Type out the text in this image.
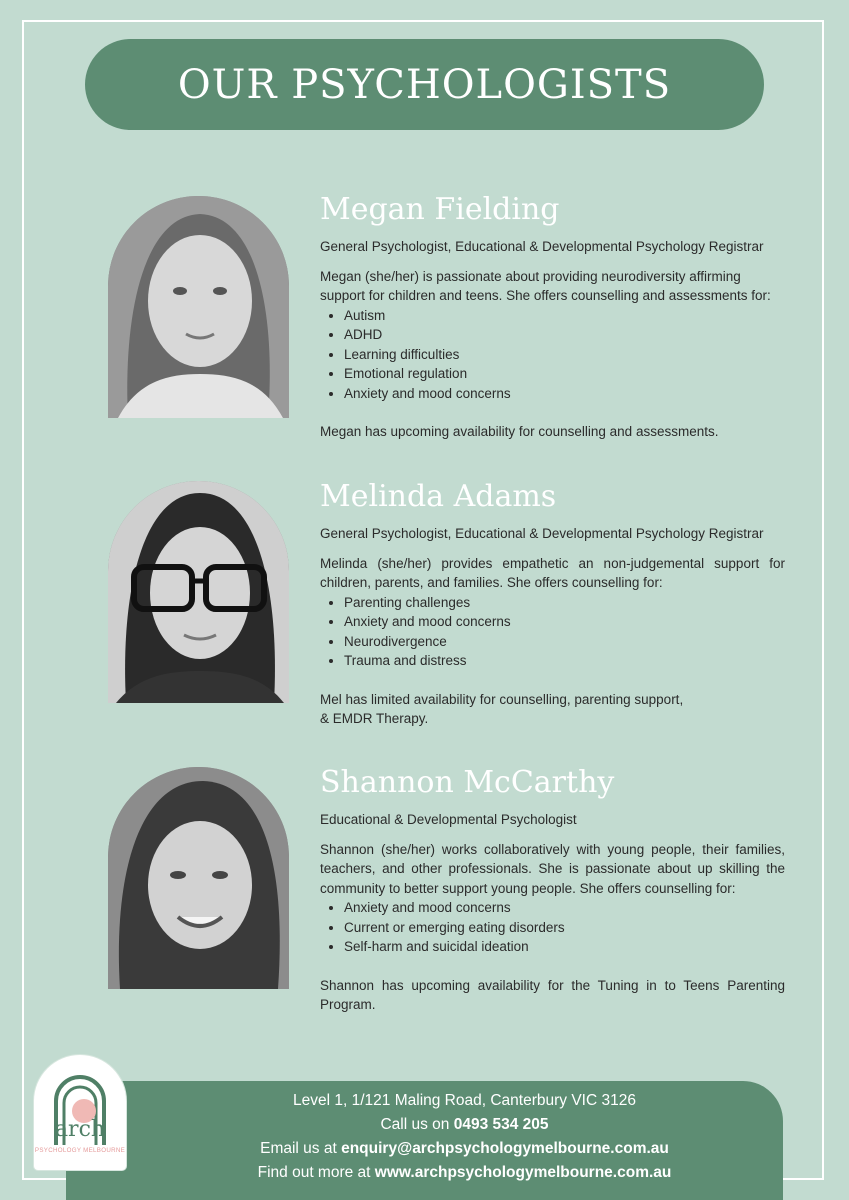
OUR PSYCHOLOGISTS
Megan Fielding

General Psychologist, Educational & Developmental Psychology Registrar

Megan (she/her) is passionate about providing neurodiversity affirming support for children and teens. She offers counselling and assessments for:

• Autism
• ADHD
• Learning difficulties
• Emotional regulation
• Anxiety and mood concerns

Megan has upcoming availability for counselling and assessments.

Melinda Adams

General Psychologist, Educational & Developmental Psychology Registrar

Melinda (she/her) provides empathetic an non-judgemental support for children, parents, and families. She offers counselling for:

• Parenting challenges
• Anxiety and mood concerns
• Neurodivergence
• Trauma and distress

Mel has limited availability for counselling, parenting support,
& EMDR Therapy.

Shannon McCarthy

Educational & Developmental Psychologist

Shannon (she/her) works collaboratively with young people, their families, teachers, and other professionals. She is passionate about up skilling the community to better support young people. She offers counselling for:

• Anxiety and mood concerns
• Current or emerging eating disorders
• Self-harm and suicidal ideation

Shannon has upcoming availability for the Tuning in to Teens Parenting Program.

Level 1, 1/121 Maling Road, Canterbury VIC 3126
Call us on 0493 534 205
Email us at enquiry@archpsychologymelbourne.com.au
Find out more at www.archpsychologymelbourne.com.au
arch
PSYCHOLOGY MELBOURNE
